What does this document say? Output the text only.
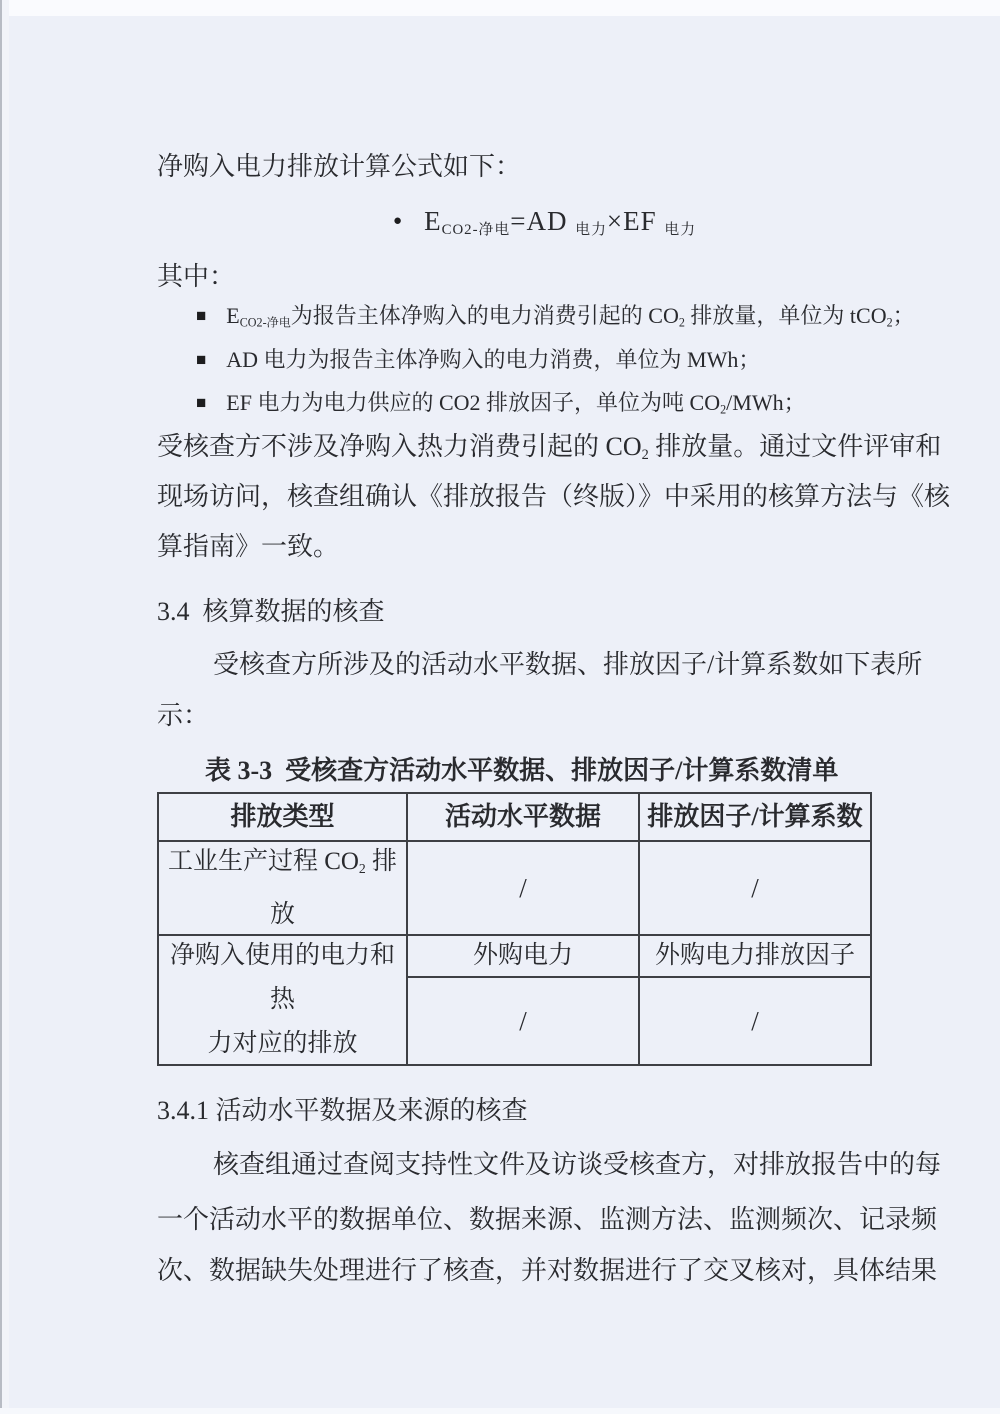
净购入电力排放计算公式如下：
● ECO2-净电=AD 电力×EF 电力
其中：
■ ECO2-净电为报告主体净购入的电力消费引起的 CO2 排放量，单位为 tCO2；
■ AD 电力为报告主体净购入的电力消费，单位为 MWh；
■ EF 电力为电力供应的 CO2 排放因子，单位为吨 CO2/MWh；
受核查方不涉及净购入热力消费引起的 CO2 排放量。通过文件评审和
现场访问，核查组确认《排放报告（终版）》中采用的核算方法与《核
算指南》一致。
3.4  核算数据的核查
受核查方所涉及的活动水平数据、排放因子/计算系数如下表所
示：
表 3-3  受核查方活动水平数据、排放因子/计算系数清单
排放类型	活动水平数据	排放因子/计算系数
工业生产过程 CO2 排
放
/	/
净购入使用的电力和
热
力对应的排放
外购电力	外购电力排放因子
/	/
3.4.1 活动水平数据及来源的核查
核查组通过查阅支持性文件及访谈受核查方，对排放报告中的每
一个活动水平的数据单位、数据来源、监测方法、监测频次、记录频
次、数据缺失处理进行了核查，并对数据进行了交叉核对，具体结果
